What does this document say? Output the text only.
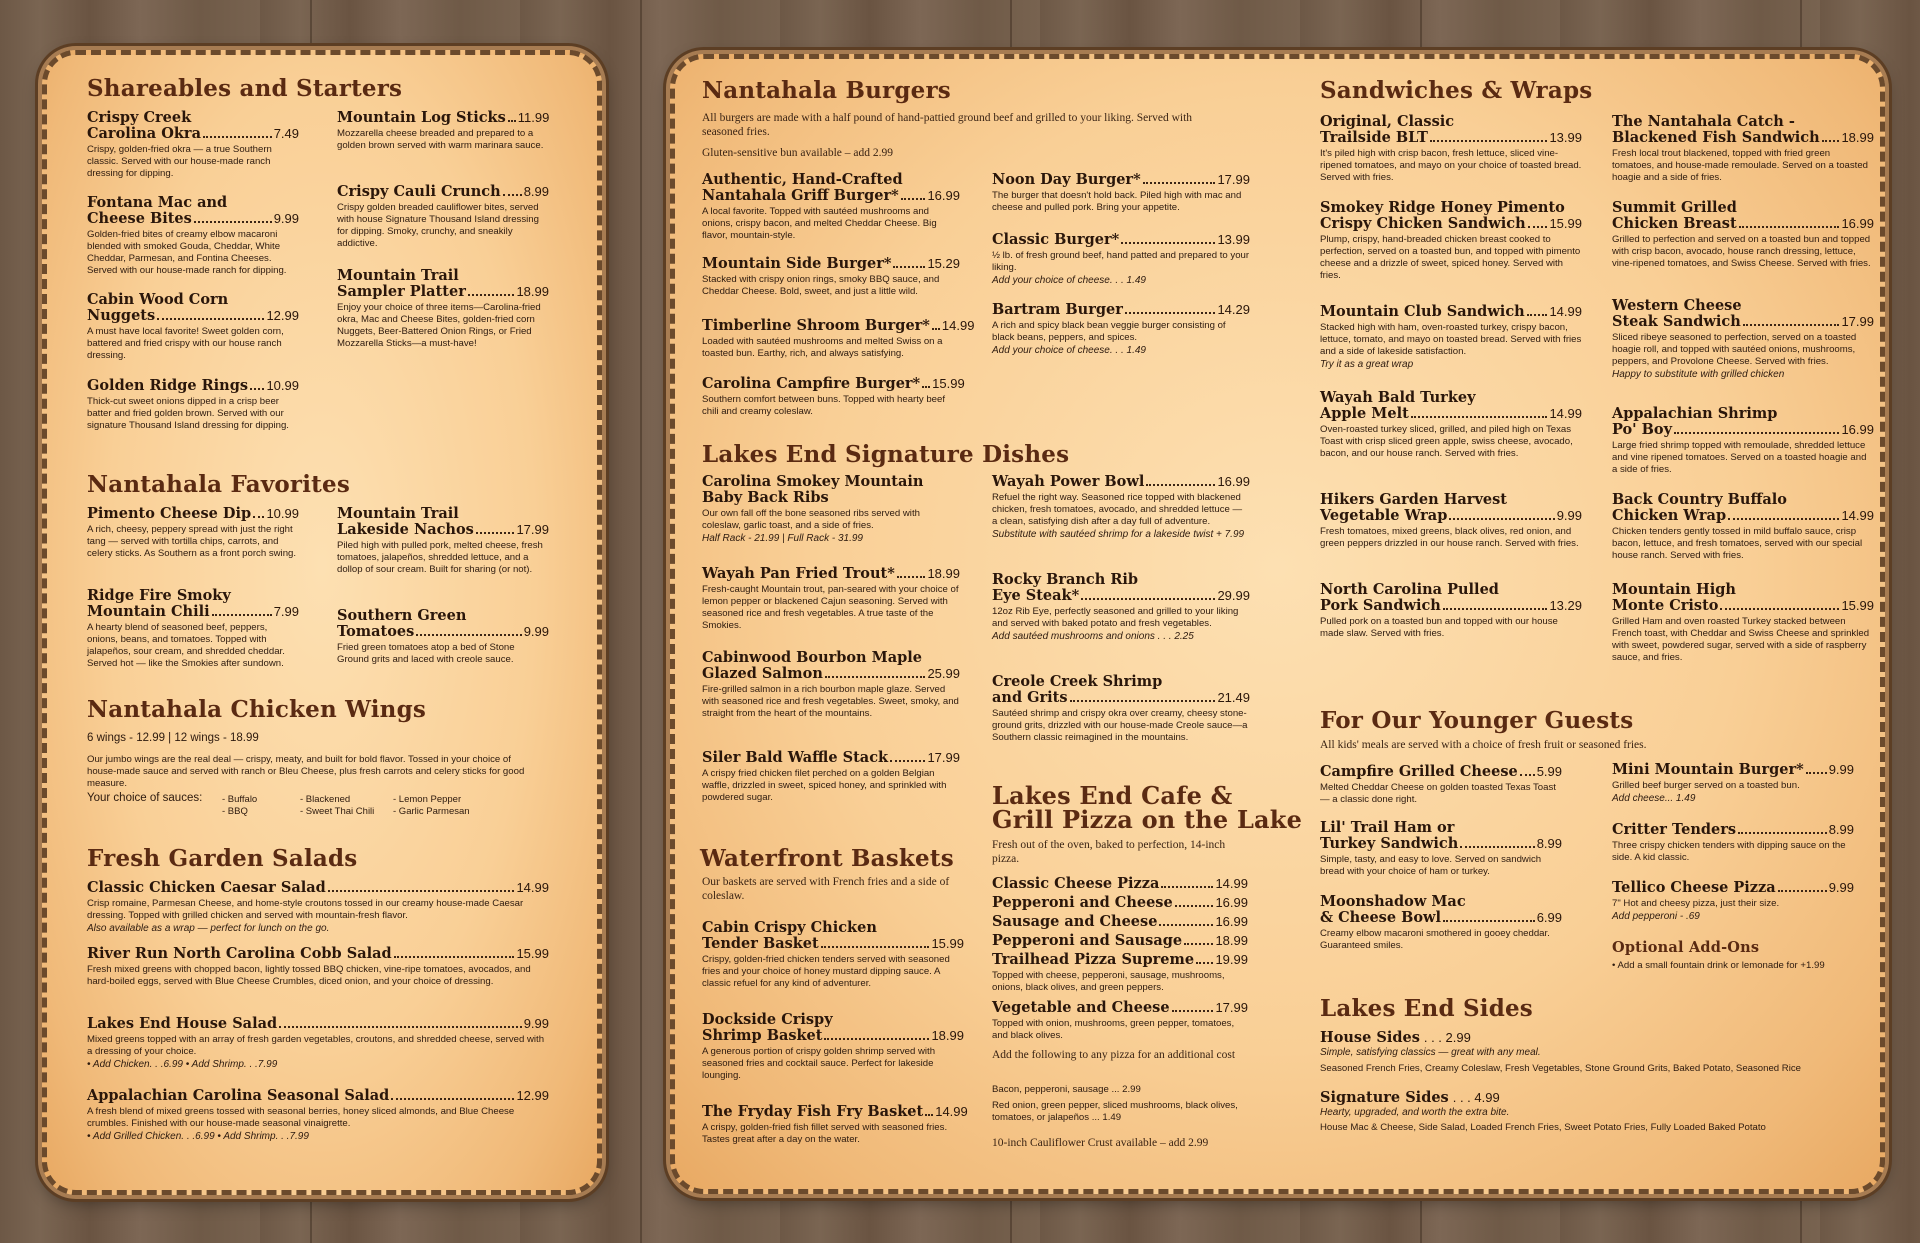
Shareables and Starters
Crispy Creek
Carolina Okra	7.49
Crispy, golden-fried okra — a true Southern classic. Served with our house-made ranch dressing for dipping.
Fontana Mac and
Cheese Bites	9.99
Golden-fried bites of creamy elbow macaroni blended with smoked Gouda, Cheddar, White Cheddar, Parmesan, and Fontina Cheeses. Served with our house-made ranch for dipping.
Cabin Wood Corn
Nuggets	12.99
A must have local favorite! Sweet golden corn, battered and fried crispy with our house ranch dressing.
Golden Ridge Rings 10.99
Thick-cut sweet onions dipped in a crisp beer batter and fried golden brown. Served with our signature Thousand Island dressing for dipping.
Mountain Log Sticks 11.99
Mozzarella cheese breaded and prepared to a golden brown served with warm marinara sauce.
Crispy Cauli Crunch 8.99
Crispy golden breaded cauliflower bites, served with house Signature Thousand Island dressing for dipping. Smoky, crunchy, and sneakily addictive.
Mountain Trail
Sampler Platter	18.99
Enjoy your choice of three items—Carolina-fried okra, Mac and Cheese Bites, golden-fried corn Nuggets, Beer-Battered Onion Rings, or Fried Mozzarella Sticks—a must-have!
Nantahala Favorites
Pimento Cheese Dip 10.99
A rich, cheesy, peppery spread with just the right tang — served with tortilla chips, carrots, and celery sticks. As Southern as a front porch swing.
Ridge Fire Smoky
Mountain Chili	7.99
A hearty blend of seasoned beef, peppers, onions, beans, and tomatoes. Topped with jalapeños, sour cream, and shredded cheddar. Served hot — like the Smokies after sundown.
Mountain Trail
Lakeside Nachos	17.99
Piled high with pulled pork, melted cheese, fresh tomatoes, jalapeños, shredded lettuce, and a dollop of sour cream. Built for sharing (or not).
Southern Green
Tomatoes	9.99
Fried green tomatoes atop a bed of Stone Ground grits and laced with creole sauce.
Nantahala Chicken Wings
6 wings - 12.99 | 12 wings - 18.99
Our jumbo wings are the real deal — crispy, meaty, and built for bold flavor. Tossed in your choice of house-made sauce and served with ranch or Bleu Cheese, plus fresh carrots and celery sticks for good measure.
Your choice of sauces:	- Buffalo
- BBQ
- Blackened
- Sweet Thai Chili
- Lemon Pepper
- Garlic Parmesan
Fresh Garden Salads
Classic Chicken Caesar Salad	14.99
Crisp romaine, Parmesan Cheese, and home-style croutons tossed in our creamy house-made Caesar dressing. Topped with grilled chicken and served with mountain-fresh flavor.
Also available as a wrap — perfect for lunch on the go.
River Run North Carolina Cobb Salad	15.99
Fresh mixed greens with chopped bacon, lightly tossed BBQ chicken, vine-ripe tomatoes, avocados, and hard-boiled eggs, served with Blue Cheese Crumbles, diced onion, and your choice of dressing.
Lakes End House Salad	9.99
Mixed greens topped with an array of fresh garden vegetables, croutons, and shredded cheese, served with a dressing of your choice.
• Add Chicken. . .6.99 • Add Shrimp. . .7.99
Appalachian Carolina Seasonal Salad	12.99
A fresh blend of mixed greens tossed with seasonal berries, honey sliced almonds, and Blue Cheese crumbles. Finished with our house-made seasonal vinaigrette.
• Add Grilled Chicken. . .6.99 • Add Shrimp. . .7.99
Nantahala Burgers
All burgers are made with a half pound of hand-pattied ground beef and grilled to your liking. Served with seasoned fries.
Gluten-sensitive bun available – add 2.99
Authentic, Hand-Crafted
Nantahala Griff Burger* 16.99
A local favorite. Topped with sautéed mushrooms and onions, crispy bacon, and melted Cheddar Cheese. Big flavor, mountain-style.
Mountain Side Burger*	15.29
Stacked with crispy onion rings, smoky BBQ sauce, and Cheddar Cheese. Bold, sweet, and just a little wild.
Timberline Shroom Burger* 14.99
Loaded with sautéed mushrooms and melted Swiss on a toasted bun. Earthy, rich, and always satisfying.
Carolina Campfire Burger* 15.99
Southern comfort between buns. Topped with hearty beef chili and creamy coleslaw.
Noon Day Burger*	17.99
The burger that doesn't hold back. Piled high with mac and cheese and pulled pork. Bring your appetite.
Classic Burger*	13.99
½ lb. of fresh ground beef, hand patted and prepared to your liking.
Add your choice of cheese. . . 1.49
Bartram Burger	14.29
A rich and spicy black bean veggie burger consisting of black beans, peppers, and spices.
Add your choice of cheese. . . 1.49
Lakes End Signature Dishes
Carolina Smokey Mountain
Baby Back Ribs
Our own fall off the bone seasoned ribs served with coleslaw, garlic toast, and a side of fries.
Half Rack - 21.99 | Full Rack - 31.99
Wayah Pan Fried Trout*	18.99
Fresh-caught Mountain trout, pan-seared with your choice of lemon pepper or blackened Cajun seasoning. Served with seasoned rice and fresh vegetables. A true taste of the Smokies.
Cabinwood Bourbon Maple
Glazed Salmon	25.99
Fire-grilled salmon in a rich bourbon maple glaze. Served with seasoned rice and fresh vegetables. Sweet, smoky, and straight from the heart of the mountains.
Siler Bald Waffle Stack	17.99
A crispy fried chicken filet perched on a golden Belgian waffle, drizzled in sweet, spiced honey, and sprinkled with powdered sugar.
Wayah Power Bowl	16.99
Refuel the right way. Seasoned rice topped with blackened chicken, fresh tomatoes, avocado, and shredded lettuce — a clean, satisfying dish after a day full of adventure.
Substitute with sautéed shrimp for a lakeside twist + 7.99
Rocky Branch Rib
Eye Steak*	29.99
12oz Rib Eye, perfectly seasoned and grilled to your liking and served with baked potato and fresh vegetables.
Add sautéed mushrooms and onions . . . 2.25
Creole Creek Shrimp
and Grits	21.49
Sautéed shrimp and crispy okra over creamy, cheesy stone-ground grits, drizzled with our house-made Creole sauce—a Southern classic reimagined in the mountains.
Waterfront Baskets
Our baskets are served with French fries and a side of coleslaw.
Cabin Crispy Chicken
Tender Basket	15.99
Crispy, golden-fried chicken tenders served with seasoned fries and your choice of honey mustard dipping sauce. A classic refuel for any kind of adventurer.
Dockside Crispy
Shrimp Basket	18.99
A generous portion of crispy golden shrimp served with seasoned fries and cocktail sauce. Perfect for lakeside lounging.
The Fryday Fish Fry Basket 14.99
A crispy, golden-fried fish fillet served with seasoned fries. Tastes great after a day on the water.
Lakes End Cafe &
Grill Pizza on the Lake
Fresh out of the oven, baked to perfection, 14-inch pizza.
Classic Cheese Pizza	14.99
Pepperoni and Cheese	16.99
Sausage and Cheese	16.99
Pepperoni and Sausage	18.99
Trailhead Pizza Supreme 19.99
Topped with cheese, pepperoni, sausage, mushrooms, onions, black olives, and green peppers.
Vegetable and Cheese	17.99
Topped with onion, mushrooms, green pepper, tomatoes, and black olives.
Add the following to any pizza for an additional cost
Bacon, pepperoni, sausage ... 2.99
Red onion, green pepper, sliced mushrooms, black olives, tomatoes, or jalapeños ... 1.49
10-inch Cauliflower Crust available – add 2.99
Sandwiches & Wraps
Original, Classic
Trailside BLT	13.99
It's piled high with crisp bacon, fresh lettuce, sliced vine-ripened tomatoes, and mayo on your choice of toasted bread. Served with fries.
Smokey Ridge Honey Pimento
Crispy Chicken Sandwich 15.99
Plump, crispy, hand-breaded chicken breast cooked to perfection, served on a toasted bun, and topped with pimento cheese and a drizzle of sweet, spiced honey. Served with fries.
Mountain Club Sandwich 14.99
Stacked high with ham, oven-roasted turkey, crispy bacon, lettuce, tomato, and mayo on toasted bread. Served with fries and a side of lakeside satisfaction.
Try it as a great wrap
Wayah Bald Turkey
Apple Melt	14.99
Oven-roasted turkey sliced, grilled, and piled high on Texas Toast with crisp sliced green apple, swiss cheese, avocado, bacon, and our house ranch. Served with fries.
Hikers Garden Harvest
Vegetable Wrap	9.99
Fresh tomatoes, mixed greens, black olives, red onion, and green peppers drizzled in our house ranch. Served with fries.
North Carolina Pulled
Pork Sandwich	13.29
Pulled pork on a toasted bun and topped with our house made slaw. Served with fries.
The Nantahala Catch -
Blackened Fish Sandwich 18.99
Fresh local trout blackened, topped with fried green tomatoes, and house-made remoulade. Served on a toasted hoagie and a side of fries.
Summit Grilled
Chicken Breast	16.99
Grilled to perfection and served on a toasted bun and topped with crisp bacon, avocado, house ranch dressing, lettuce, vine-ripened tomatoes, and Swiss Cheese. Served with fries.
Western Cheese
Steak Sandwich	17.99
Sliced ribeye seasoned to perfection, served on a toasted hoagie roll, and topped with sautéed onions, mushrooms, peppers, and Provolone Cheese. Served with fries.
Happy to substitute with grilled chicken
Appalachian Shrimp
Po' Boy	16.99
Large fried shrimp topped with remoulade, shredded lettuce and vine ripened tomatoes. Served on a toasted hoagie and a side of fries.
Back Country Buffalo
Chicken Wrap	14.99
Chicken tenders gently tossed in mild buffalo sauce, crisp bacon, lettuce, and fresh tomatoes, served with our special house ranch. Served with fries.
Mountain High
Monte Cristo	15.99
Grilled Ham and oven roasted Turkey stacked between French toast, with Cheddar and Swiss Cheese and sprinkled with sweet, powdered sugar, served with a side of raspberry sauce, and fries.
For Our Younger Guests
All kids' meals are served with a choice of fresh fruit or seasoned fries.
Campfire Grilled Cheese 5.99
Melted Cheddar Cheese on golden toasted Texas Toast — a classic done right.
Lil' Trail Ham or
Turkey Sandwich	8.99
Simple, tasty, and easy to love. Served on sandwich bread with your choice of ham or turkey.
Moonshadow Mac
& Cheese Bowl	6.99
Creamy elbow macaroni smothered in gooey cheddar. Guaranteed smiles.
Mini Mountain Burger* 9.99
Grilled beef burger served on a toasted bun.
Add cheese... 1.49
Critter Tenders	8.99
Three crispy chicken tenders with dipping sauce on the side. A kid classic.
Tellico Cheese Pizza	9.99
7" Hot and cheesy pizza, just their size.
Add pepperoni - .69
Optional Add-Ons
• Add a small fountain drink or lemonade for +1.99
Lakes End Sides
House Sides . . . 2.99
Simple, satisfying classics — great with any meal.
Seasoned French Fries, Creamy Coleslaw, Fresh Vegetables, Stone Ground Grits, Baked Potato, Seasoned Rice
Signature Sides . . . 4.99
Hearty, upgraded, and worth the extra bite.
House Mac & Cheese, Side Salad, Loaded French Fries, Sweet Potato Fries, Fully Loaded Baked Potato
